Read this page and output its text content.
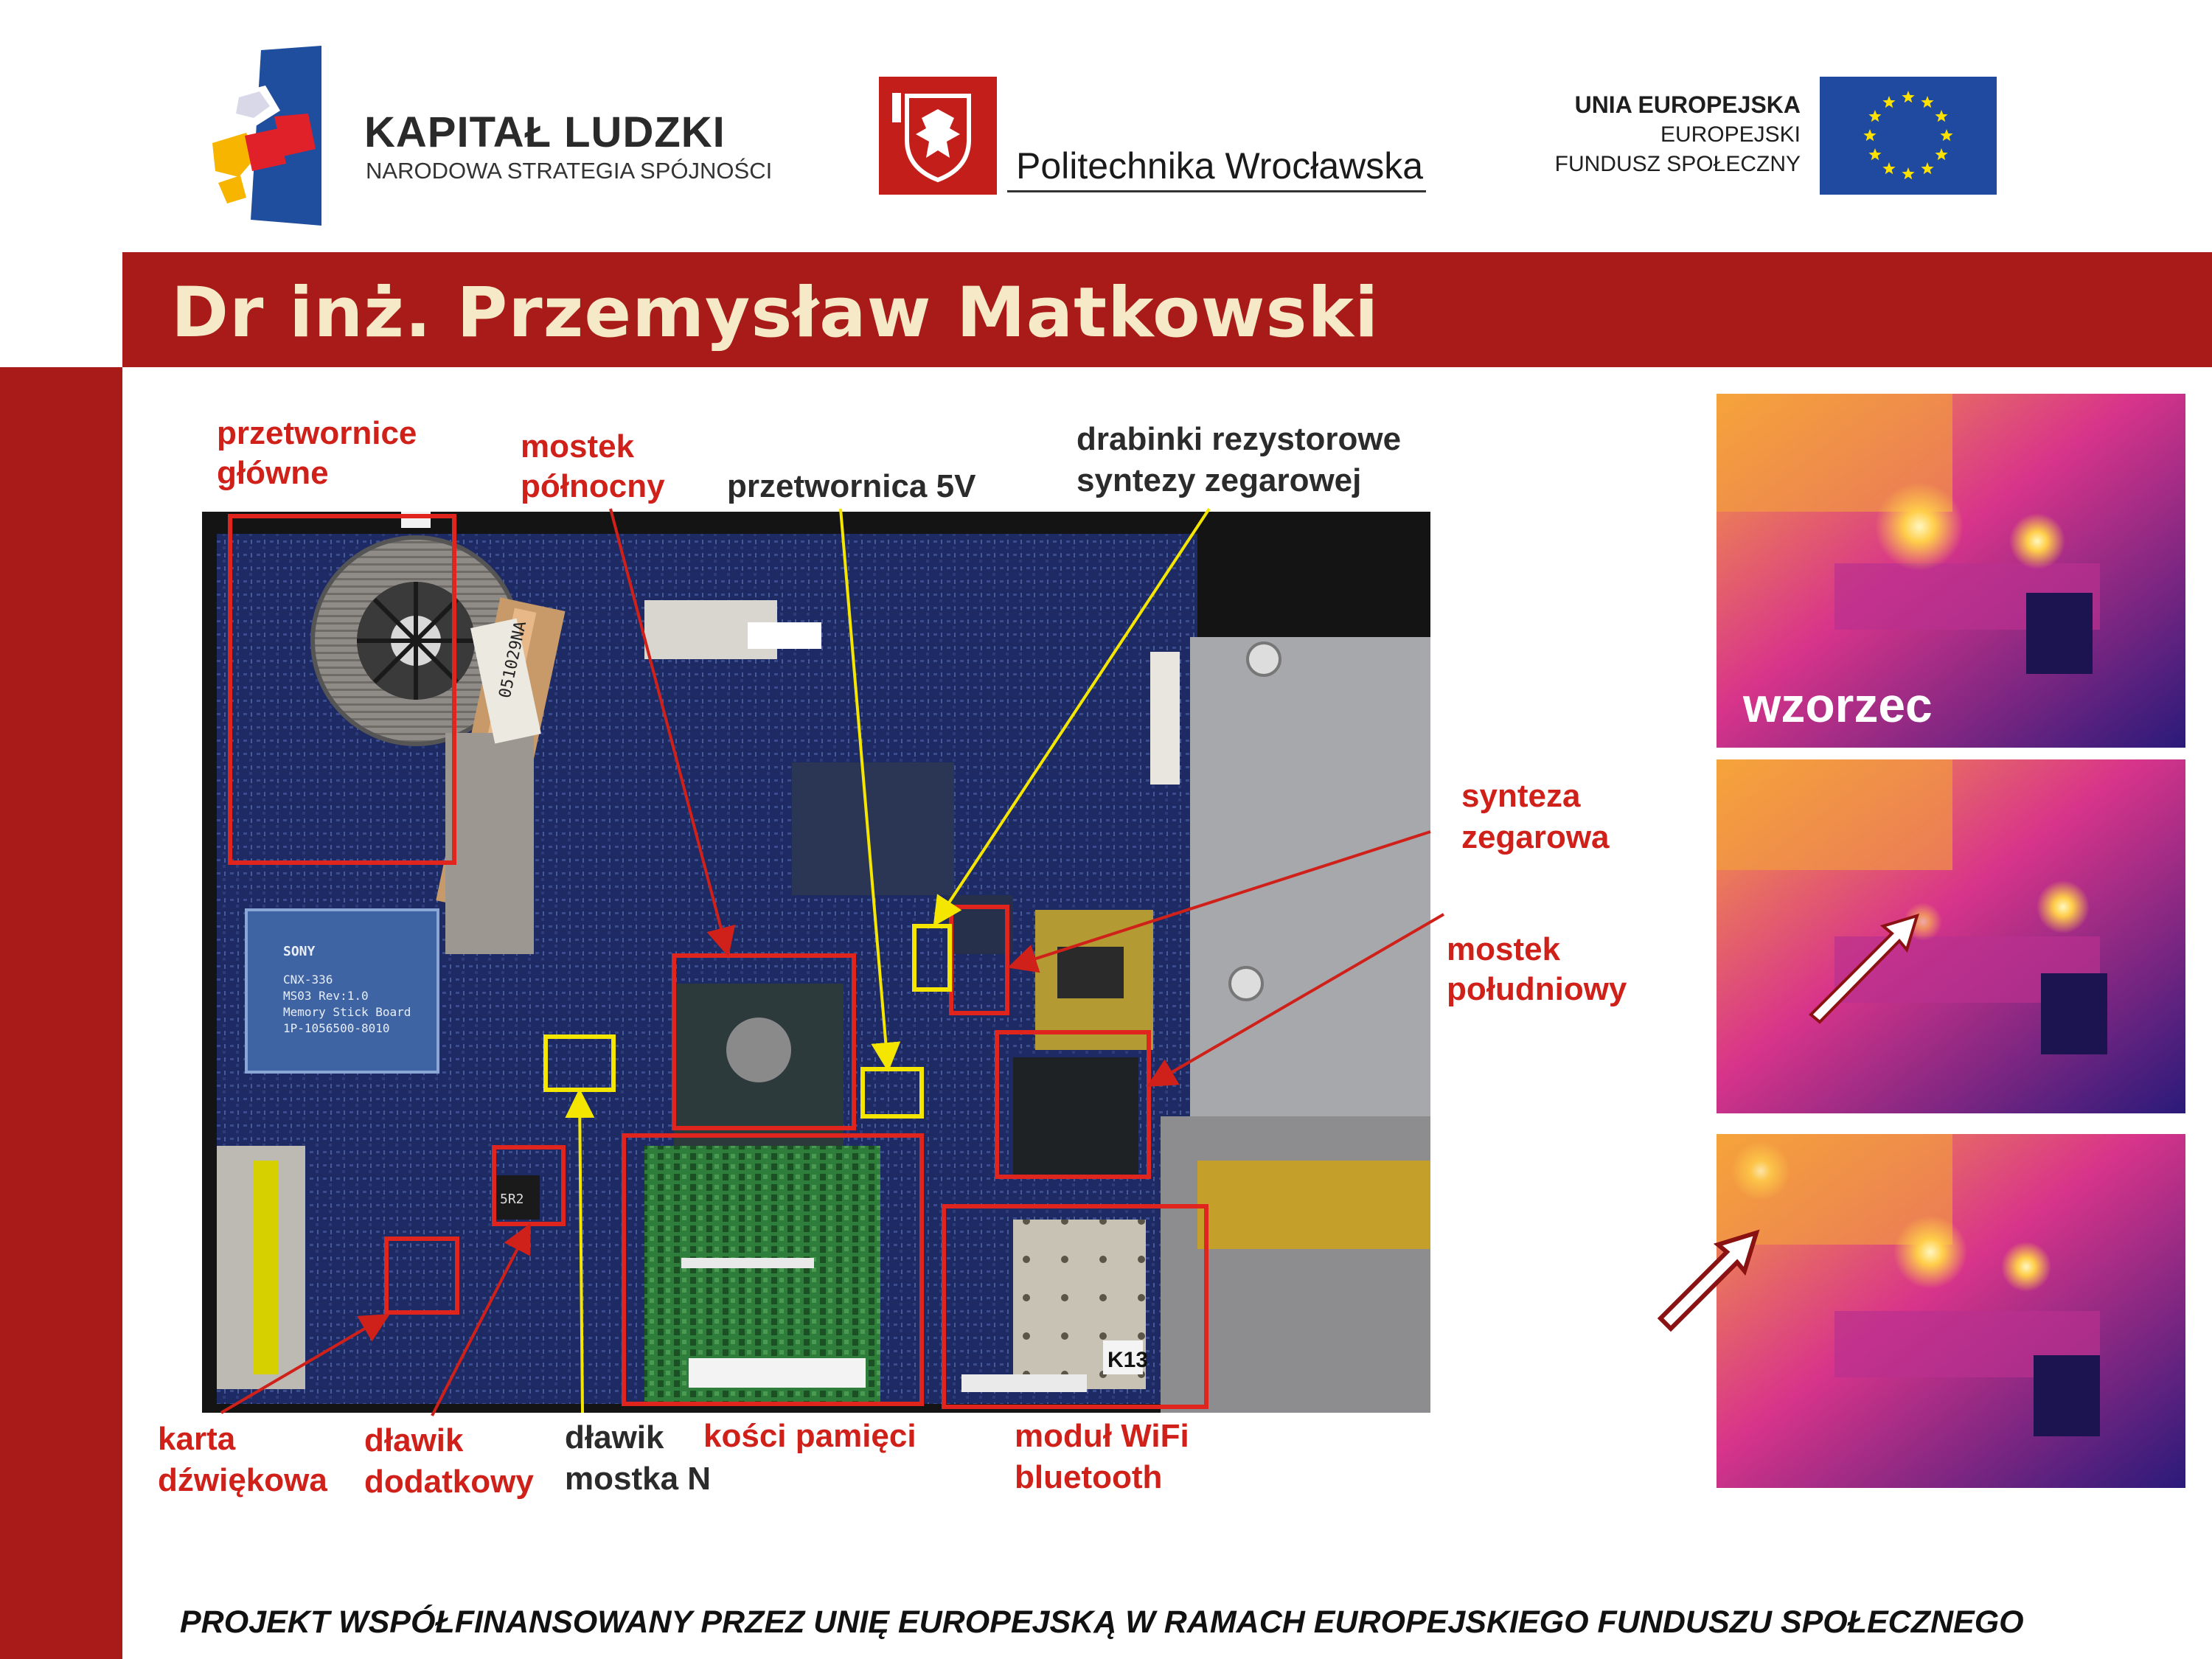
KAPITAŁ LUDZKI
NARODOWA STRATEGIA SPÓJNOŚCI	Politechnika Wrocławska
UNIA EUROPEJSKA
EUROPEJSKI
FUNDUSZ SPOŁECZNY
Dr inż. Przemysław Matkowski
051029NA
SONY
CNX-336
MS03 Rev:1.0
Memory Stick Board
1P-1056500-8010
K13
5R2
przetwornice
główne
mostek
północny przetwornica 5V
drabinki rezystorowe
syntezy zegarowej
synteza
zegarowa
mostek
południowy
karta
dźwiękowa
dławik
dodatkowy
dławik
mostka N
kości pamięci	moduł WiFi
bluetooth
wzorzec
PROJEKT WSPÓŁFINANSOWANY PRZEZ UNIĘ EUROPEJSKĄ W RAMACH EUROPEJSKIEGO FUNDUSZU SPOŁECZNEGO
